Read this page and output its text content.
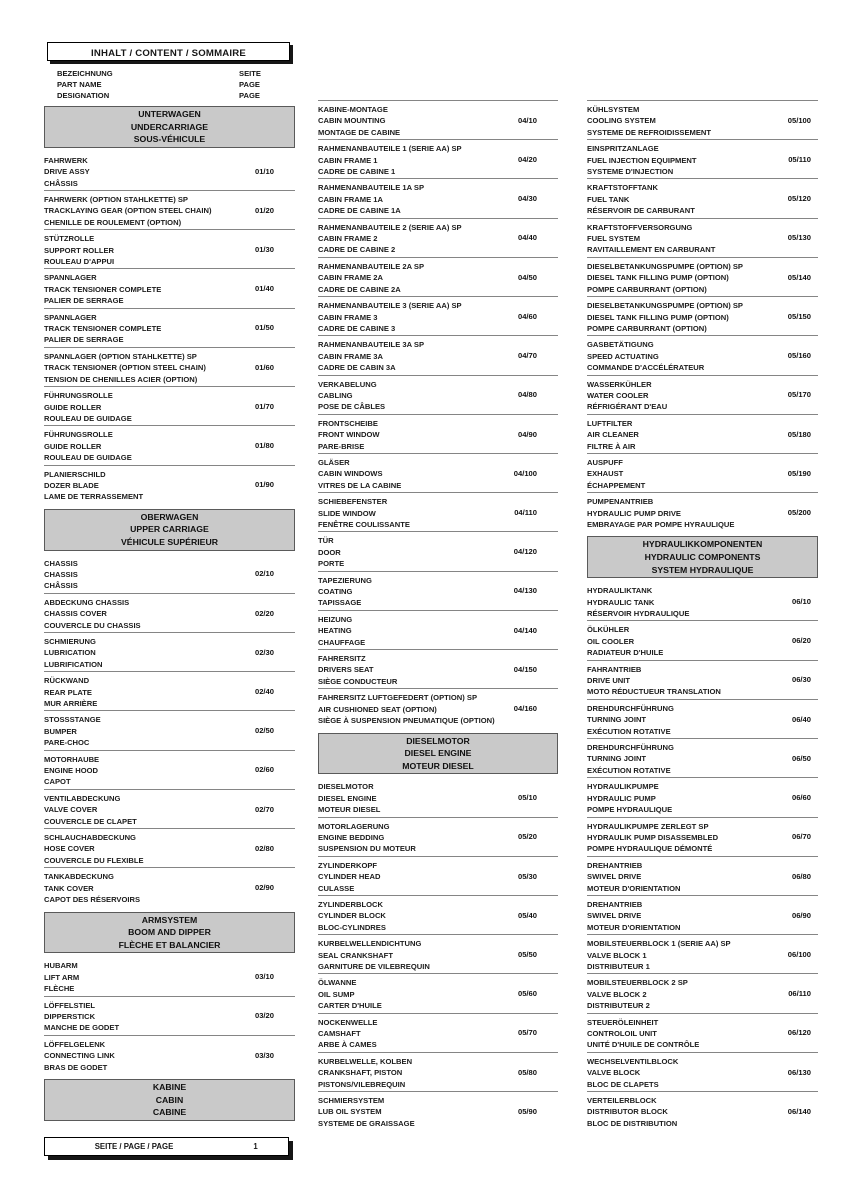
INHALT / CONTENT / SOMMAIRE
BEZEICHNUNG
PART NAME
DESIGNATION
SEITE
PAGE
PAGE
UNTERWAGEN
UNDERCARRIAGE
SOUS-VÉHICULE
FAHRWERK
DRIVE ASSY
CHÂSSIS
01/10
FAHRWERK (OPTION STAHLKETTE) SP
TRACKLAYING GEAR (OPTION STEEL CHAIN)
CHENILLE DE ROULEMENT (OPTION)
01/20
STÜTZROLLE
SUPPORT ROLLER
ROULEAU D'APPUI
01/30
SPANNLAGER
TRACK TENSIONER COMPLETE
PALIER DE SERRAGE
01/40
SPANNLAGER
TRACK TENSIONER COMPLETE
PALIER DE SERRAGE
01/50
SPANNLAGER (OPTION STAHLKETTE) SP
TRACK TENSIONER (OPTION STEEL CHAIN)
TENSION DE CHENILLES ACIER (OPTION)
01/60
FÜHRUNGSROLLE
GUIDE ROLLER
ROULEAU DE GUIDAGE
01/70
FÜHRUNGSROLLE
GUIDE ROLLER
ROULEAU DE GUIDAGE
01/80
PLANIERSCHILD
DOZER BLADE
LAME DE TERRASSEMENT
01/90
OBERWAGEN
UPPER CARRIAGE
VÉHICULE SUPÉRIEUR
CHASSIS
CHASSIS
CHÂSSIS
02/10
ABDECKUNG CHASSIS
CHASSIS COVER
COUVERCLE DU CHASSIS
02/20
SCHMIERUNG
LUBRICATION
LUBRIFICATION
02/30
RÜCKWAND
REAR PLATE
MUR ARRIÈRE
02/40
STOSSSTANGE
BUMPER
PARE-CHOC
02/50
MOTORHAUBE
ENGINE HOOD
CAPOT
02/60
VENTILABDECKUNG
VALVE COVER
COUVERCLE DE CLAPET
02/70
SCHLAUCHABDECKUNG
HOSE COVER
COUVERCLE DU FLEXIBLE
02/80
TANKABDECKUNG
TANK COVER
CAPOT DES RÉSERVOIRS
02/90
ARMSYSTEM
BOOM AND DIPPER
FLÈCHE ET BALANCIER
HUBARM
LIFT ARM
FLÈCHE
03/10
LÖFFELSTIEL
DIPPERSTICK
MANCHE DE GODET
03/20
LÖFFELGELENK
CONNECTING LINK
BRAS DE GODET
03/30
KABINE
CABIN
CABINE
KABINE-MONTAGE
CABIN MOUNTING
MONTAGE DE CABINE
04/10
RAHMENANBAUTEILE 1 (SERIE AA) SP
CABIN FRAME 1
CADRE DE CABINE 1
04/20
RAHMENANBAUTEILE 1A SP
CABIN FRAME 1A
CADRE DE CABINE 1A
04/30
RAHMENANBAUTEILE 2 (SERIE AA) SP
CABIN FRAME 2
CADRE DE CABINE 2
04/40
RAHMENANBAUTEILE 2A SP
CABIN FRAME 2A
CADRE DE CABINE 2A
04/50
RAHMENANBAUTEILE 3 (SERIE AA) SP
CABIN FRAME 3
CADRE DE CABINE 3
04/60
RAHMENANBAUTEILE 3A SP
CABIN FRAME 3A
CADRE DE CABIN 3A
04/70
VERKABELUNG
CABLING
POSE DE CÂBLES
04/80
FRONTSCHEIBE
FRONT WINDOW
PARE-BRISE
04/90
GLÄSER
CABIN WINDOWS
VITRES DE LA CABINE
04/100
SCHIEBEFENSTER
SLIDE WINDOW
FENÊTRE COULISSANTE
04/110
TÜR
DOOR
PORTE
04/120
TAPEZIERUNG
COATING
TAPISSAGE
04/130
HEIZUNG
HEATING
CHAUFFAGE
04/140
FAHRERSITZ
DRIVERS SEAT
SIÈGE CONDUCTEUR
04/150
FAHRERSITZ LUFTGEFEDERT (OPTION) SP
AIR CUSHIONED SEAT (OPTION)
SIÈGE À SUSPENSION PNEUMATIQUE (OPTION)
04/160
DIESELMOTOR
DIESEL ENGINE
MOTEUR DIESEL
DIESELMOTOR
DIESEL ENGINE
MOTEUR DIESEL
05/10
MOTORLAGERUNG
ENGINE BEDDING
SUSPENSION DU MOTEUR
05/20
ZYLINDERKOPF
CYLINDER HEAD
CULASSE
05/30
ZYLINDERBLOCK
CYLINDER BLOCK
BLOC-CYLINDRES
05/40
KURBELWELLENDICHTUNG
SEAL CRANKSHAFT
GARNITURE DE VILEBREQUIN
05/50
ÖLWANNE
OIL SUMP
CARTER D'HUILE
05/60
NOCKENWELLE
CAMSHAFT
ARBE À CAMES
05/70
KURBELWELLE, KOLBEN
CRANKSHAFT, PISTON
PISTONS/VILEBREQUIN
05/80
SCHMIERSYSTEM
LUB OIL SYSTEM
SYSTEME DE GRAISSAGE
05/90
KÜHLSYSTEM
COOLING SYSTEM
SYSTEME DE REFROIDISSEMENT
05/100
EINSPRITZANLAGE
FUEL INJECTION EQUIPMENT
SYSTEME D'INJECTION
05/110
KRAFTSTOFFTANK
FUEL TANK
RÉSERVOIR DE CARBURANT
05/120
KRAFTSTOFFVERSORGUNG
FUEL SYSTEM
RAVITAILLEMENT EN CARBURANT
05/130
DIESELBETANKUNGSPUMPE (OPTION) SP
DIESEL TANK FILLING PUMP (OPTION)
POMPE CARBURRANT (OPTION)
05/140
DIESELBETANKUNGSPUMPE (OPTION) SP
DIESEL TANK FILLING PUMP (OPTION)
POMPE CARBURRANT (OPTION)
05/150
GASBETÄTIGUNG
SPEED ACTUATING
COMMANDE D'ACCÉLÉRATEUR
05/160
WASSERKÜHLER
WATER COOLER
RÉFRIGÉRANT D'EAU
05/170
LUFTFILTER
AIR CLEANER
FILTRE À AIR
05/180
AUSPUFF
EXHAUST
ÉCHAPPEMENT
05/190
PUMPENANTRIEB
HYDRAULIC PUMP DRIVE
EMBRAYAGE PAR POMPE HYRAULIQUE
05/200
HYDRAULIKKOMPONENTEN
HYDRAULIC COMPONENTS
SYSTEM HYDRAULIQUE
HYDRAULIKTANK
HYDRAULIC TANK
RÉSERVOIR HYDRAULIQUE
06/10
ÖLKÜHLER
OIL COOLER
RADIATEUR D'HUILE
06/20
FAHRANTRIEB
DRIVE UNIT
MOTO RÉDUCTUEUR TRANSLATION
06/30
DREHDURCHFÜHRUNG
TURNING JOINT
EXÉCUTION ROTATIVE
06/40
DREHDURCHFÜHRUNG
TURNING JOINT
EXÉCUTION ROTATIVE
06/50
HYDRAULIKPUMPE
HYDRAULIC PUMP
POMPE HYDRAULIQUE
06/60
HYDRAULIKPUMPE ZERLEGT SP
HYDRAULIK PUMP DISASSEMBLED
POMPE HYDRAULIQUE DÉMONTÉ
06/70
DREHANTRIEB
SWIVEL DRIVE
MOTEUR D'ORIENTATION
06/80
DREHANTRIEB
SWIVEL DRIVE
MOTEUR D'ORIENTATION
06/90
MOBILSTEUERBLOCK 1 (SERIE AA) SP
VALVE BLOCK 1
DISTRIBUTEUR 1
06/100
MOBILSTEUERBLOCK 2 SP
VALVE BLOCK 2
DISTRIBUTEUR 2
06/110
STEUERÖLEINHEIT
CONTROLOIL UNIT
UNITÉ D'HUILE DE CONTRÔLE
06/120
WECHSELVENTILBLOCK
VALVE BLOCK
BLOC DE CLAPETS
06/130
VERTEILERBLOCK
DISTRIBUTOR BLOCK
BLOC DE DISTRIBUTION
06/140
SEITE / PAGE / PAGE	1
